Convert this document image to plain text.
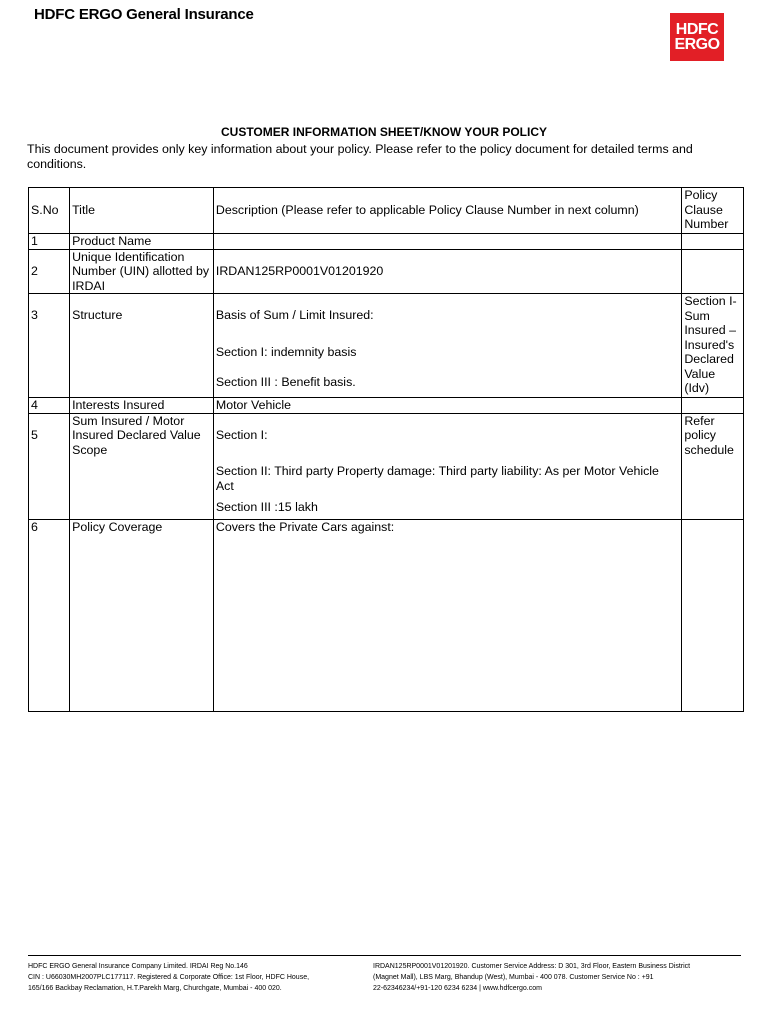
HDFC ERGO General Insurance
HDFC
ERGO
CUSTOMER INFORMATION SHEET/KNOW YOUR POLICY
This document provides only key information about your policy. Please refer to the policy document for detailed terms and conditions.
S.No	Title	Description (Please refer to applicable Policy Clause Number in next column)	Policy Clause Number
1	Product Name		
2	Unique Identification Number (UIN) allotted by IRDAI	IRDAN125RP0001V01201920	

3	Structure	Basis of Sum / Limit Insured:
Section I: indemnity basis
Section III : Benefit basis.	Section I- Sum Insured – Insured's Declared Value (Idv)
4	Interests Insured	Motor Vehicle	

5	Sum Insured / Motor Insured Declared Value Scope	Section I:
Section II: Third party Property damage: Third party liability: As per Motor Vehicle Act
Section III :15 lakh	Refer policy schedule
6	Policy Coverage	Covers the Private Cars against:	
HDFC ERGO General Insurance Company Limited. IRDAI Reg No.146
CIN : U66030MH2007PLC177117. Registered & Corporate Office: 1st Floor, HDFC House,
165/166 Backbay Reclamation, H.T.Parekh Marg, Churchgate, Mumbai - 400 020.
IRDAN125RP0001V01201920. Customer Service Address: D 301, 3rd Floor, Eastern Business District
(Magnet Mall), LBS Marg, Bhandup (West), Mumbai - 400 078. Customer Service No : +91
22-62346234/+91-120 6234 6234 | www.hdfcergo.com
